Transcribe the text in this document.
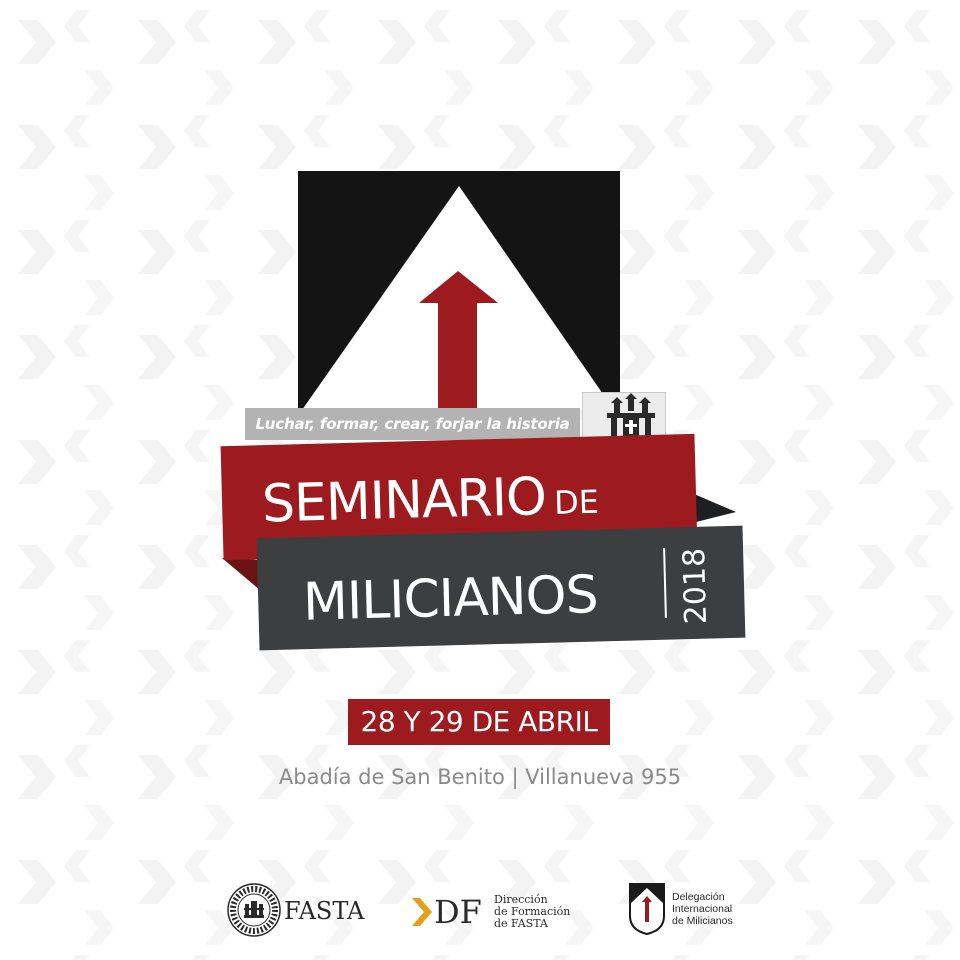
Luchar, formar, crear, forjar la historia
SEMINARIO DE
MILICIANOS	2018
28 Y 29 DE ABRIL
Abadía de San Benito | Villanueva 955
FASTA DF Dirección
de Formación
de FASTA
Delegación
Internacional
de Milicianos
